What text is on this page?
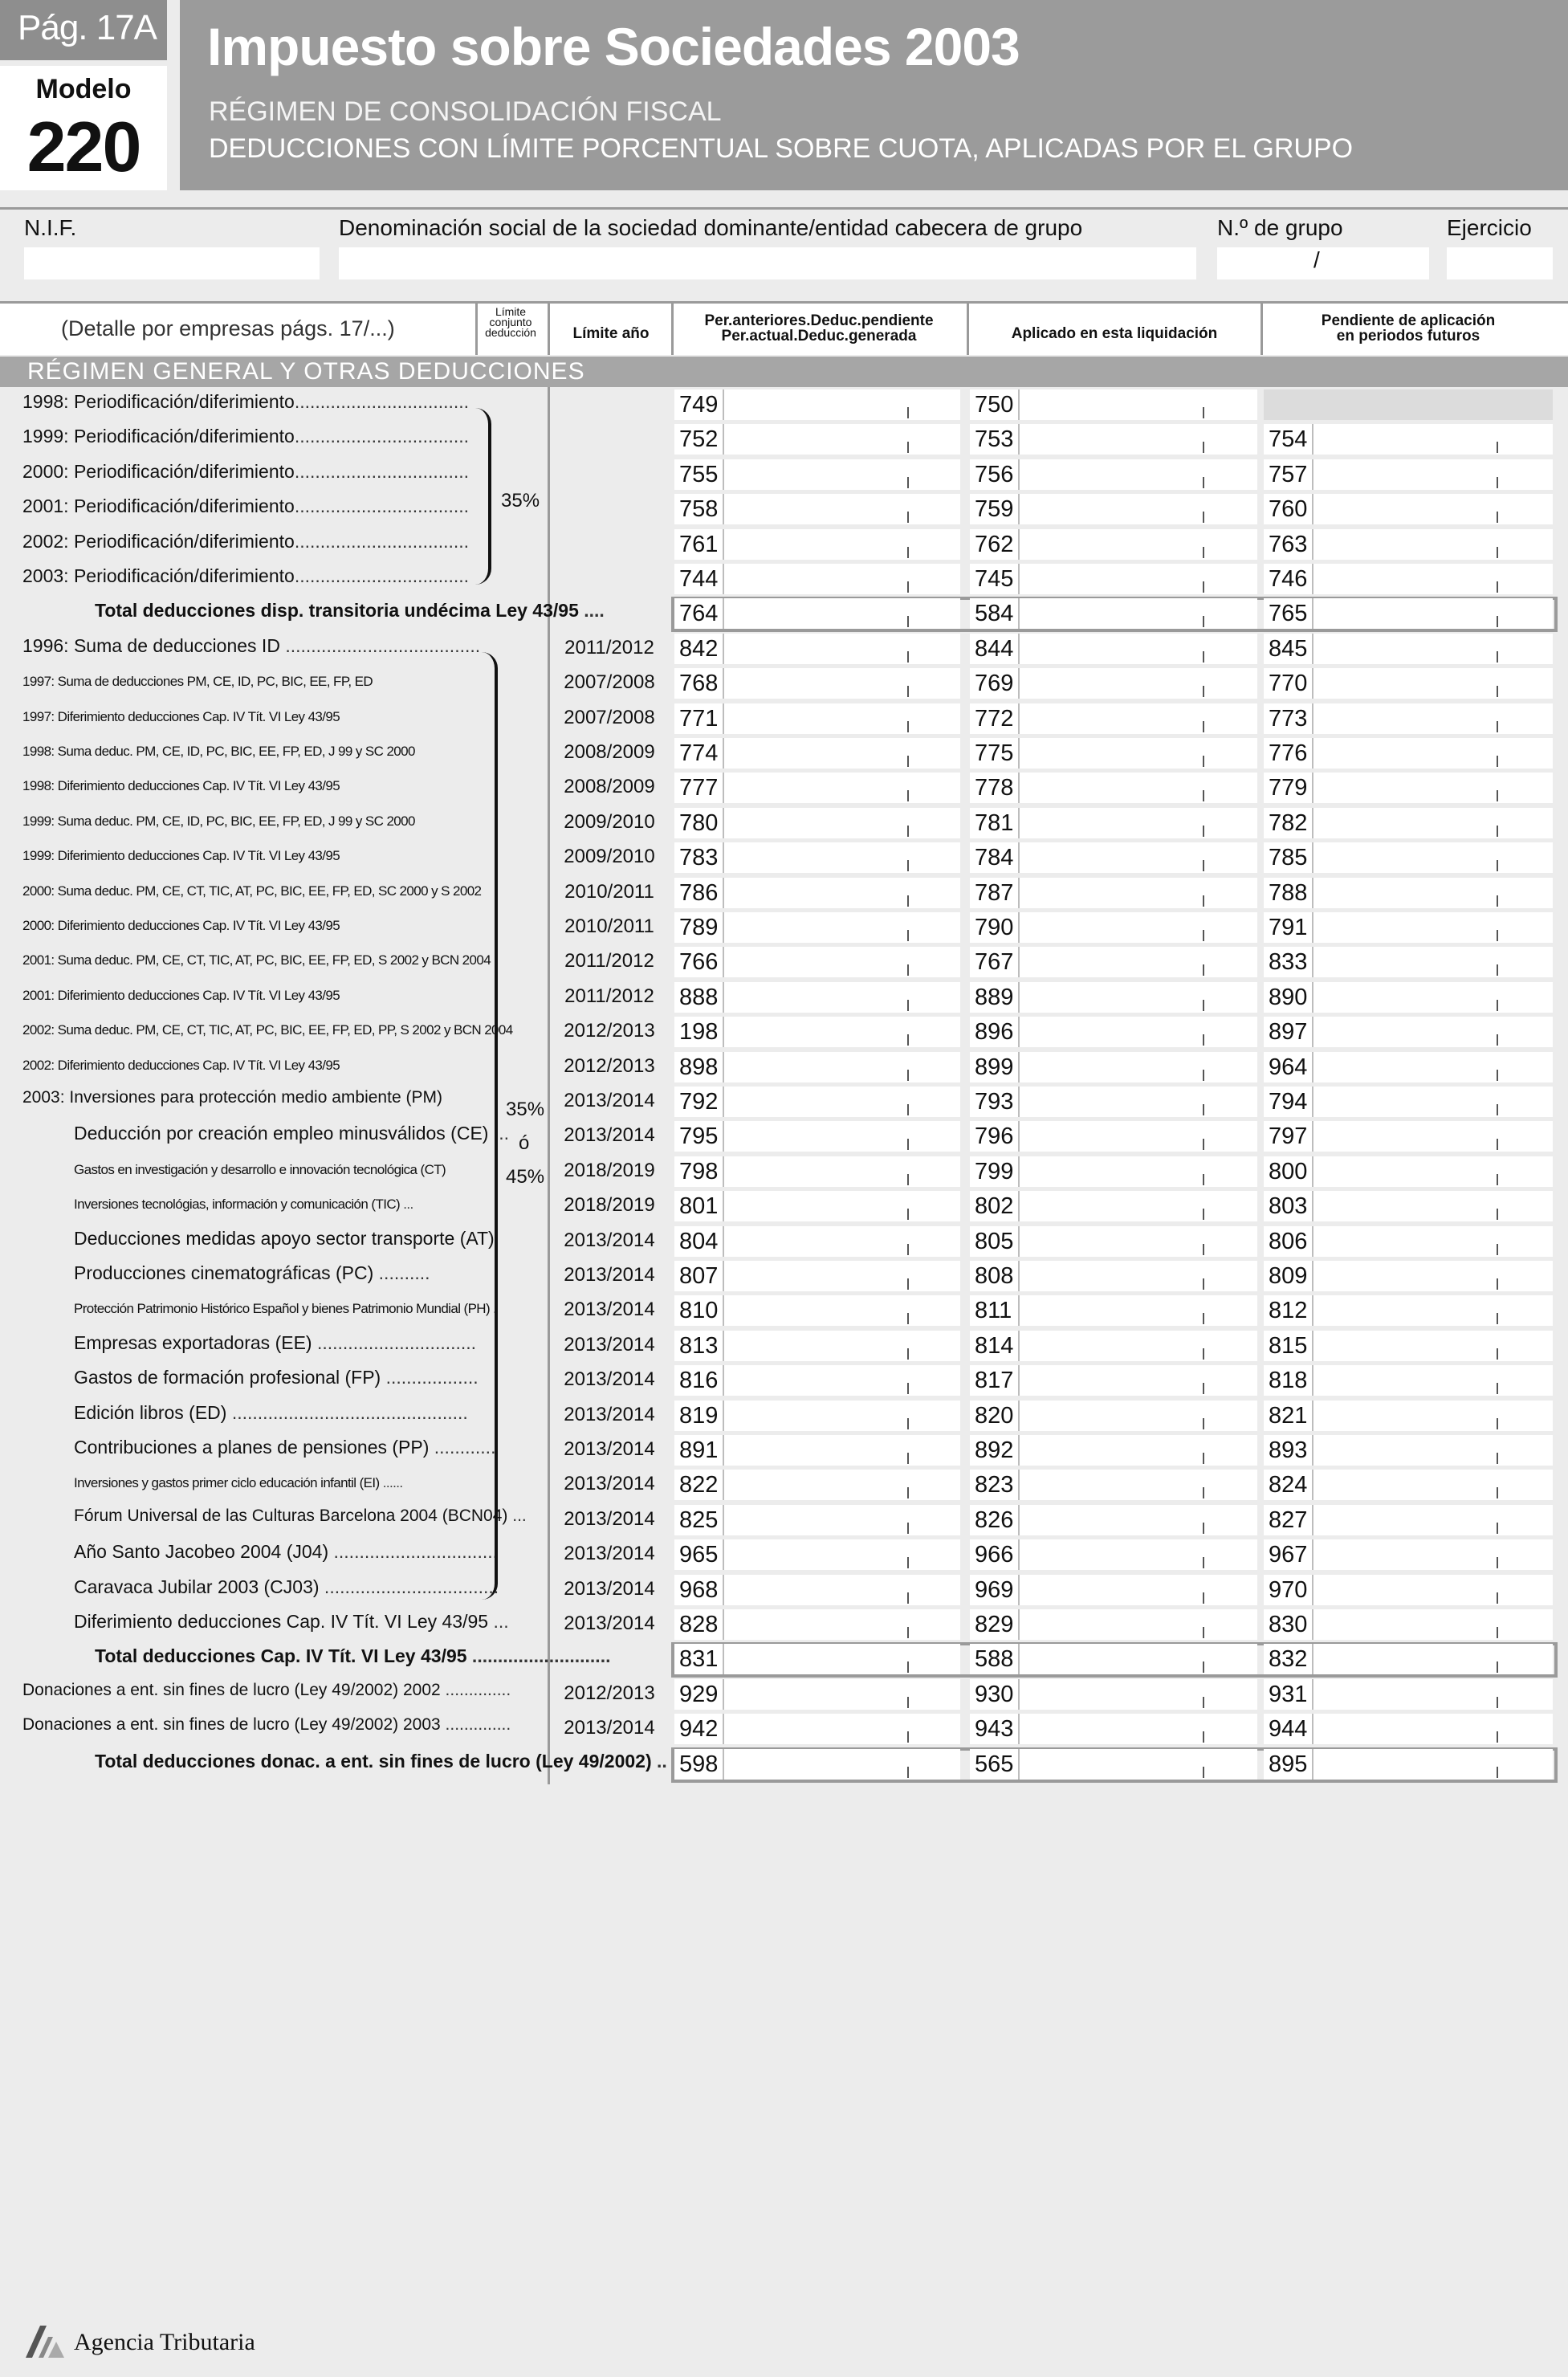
Pág. 17A
Modelo
220
Impuesto sobre Sociedades 2003
RÉGIMEN DE CONSOLIDACIÓN FISCAL
DEDUCCIONES CON LÍMITE PORCENTUAL SOBRE CUOTA, APLICADAS POR EL GRUPO
N.I.F.	Denominación social de la sociedad dominante/entidad cabecera de grupo	N.º de grupo
/
Ejercicio
(Detalle por empresas págs. 17/...)
Límite
conjunto
deducción	Límite año
Per.anteriores.Deduc.pendiente
Per.actual.Deduc.generada	Aplicado en esta liquidación
Pendiente de aplicación
en periodos futuros
RÉGIMEN GENERAL Y OTRAS DEDUCCIONES
1998: Periodificación/diferimiento..................................	749	750
1999: Periodificación/diferimiento..................................	752	753	754
2000: Periodificación/diferimiento..................................	755	756	757
2001: Periodificación/diferimiento..................................	758	759	760
2002: Periodificación/diferimiento..................................	761	762	763
2003: Periodificación/diferimiento..................................	744	745	746
Total deducciones disp. transitoria undécima Ley 43/95 ....	764	584	765
1996: Suma de deducciones ID ......................................	2011/2012 842	844	845
1997: Suma de deducciones PM, CE, ID, PC, BIC, EE, FP, ED	2007/2008 768	769	770
1997: Diferimiento deducciones Cap. IV Tít. VI Ley 43/95	2007/2008 771	772	773
1998: Suma deduc. PM, CE, ID, PC, BIC, EE, FP, ED, J 99 y SC 2000	2008/2009 774	775	776
1998: Diferimiento deducciones Cap. IV Tít. VI Ley 43/95	2008/2009 777	778	779
1999: Suma deduc. PM, CE, ID, PC, BIC, EE, FP, ED, J 99 y SC 2000	2009/2010 780	781	782
1999: Diferimiento deducciones Cap. IV Tít. VI Ley 43/95	2009/2010 783	784	785
2000: Suma deduc. PM, CE, CT, TIC, AT, PC, BIC, EE, FP, ED, SC 2000 y S 2002	2010/2011 786	787	788
2000: Diferimiento deducciones Cap. IV Tít. VI Ley 43/95	2010/2011 789	790	791
2001: Suma deduc. PM, CE, CT, TIC, AT, PC, BIC, EE, FP, ED, S 2002 y BCN 2004	2011/2012 766	767	833
2001: Diferimiento deducciones Cap. IV Tít. VI Ley 43/95	2011/2012 888	889	890
2002: Suma deduc. PM, CE, CT, TIC, AT, PC, BIC, EE, FP, ED, PP, S 2002 y BCN 2004	2012/2013 198	896	897
2002: Diferimiento deducciones Cap. IV Tít. VI Ley 43/95	2012/2013 898	899	964
2003: Inversiones para protección medio ambiente (PM)	2013/2014 792	793	794
Deducción por creación empleo minusválidos (CE) ...	2013/2014 795	796	797
Gastos en investigación y desarrollo e innovación tecnológica (CT)	2018/2019 798	799	800
Inversiones tecnológias, información y comunicación (TIC) ...	2018/2019 801	802	803
Deducciones medidas apoyo sector transporte (AT)	2013/2014 804	805	806
Producciones cinematográficas (PC) ..........	2013/2014 807	808	809
Protección Patrimonio Histórico Español y bienes Patrimonio Mundial (PH) .	2013/2014 810	811	812
Empresas exportadoras (EE) ...............................	2013/2014 813	814	815
Gastos de formación profesional (FP) ..................	2013/2014 816	817	818
Edición libros (ED) ..............................................	2013/2014 819	820	821
Contribuciones a planes de pensiones (PP) ............	2013/2014 891	892	893
Inversiones y gastos primer ciclo educación infantil (EI) ......	2013/2014 822	823	824
Fórum Universal de las Culturas Barcelona 2004 (BCN04) ... 2013/2014 825	826	827
Año Santo Jacobeo 2004 (J04) ................................	2013/2014 965	966	967
Caravaca Jubilar 2003 (CJ03) ..................................	2013/2014 968	969	970
Diferimiento deducciones Cap. IV Tít. VI Ley 43/95 ...	2013/2014 828	829	830
Total deducciones Cap. IV Tít. VI Ley 43/95 ...........................	831	588	832
Donaciones a ent. sin fines de lucro (Ley 49/2002) 2002 ..............	2012/2013 929	930	931
Donaciones a ent. sin fines de lucro (Ley 49/2002) 2003 ..............	2013/2014 942	943	944
Total deducciones donac. a ent. sin fines de lucro (Ley 49/2002) .. 598	565	895
35%
35%
ó
45%
Agencia Tributaria
